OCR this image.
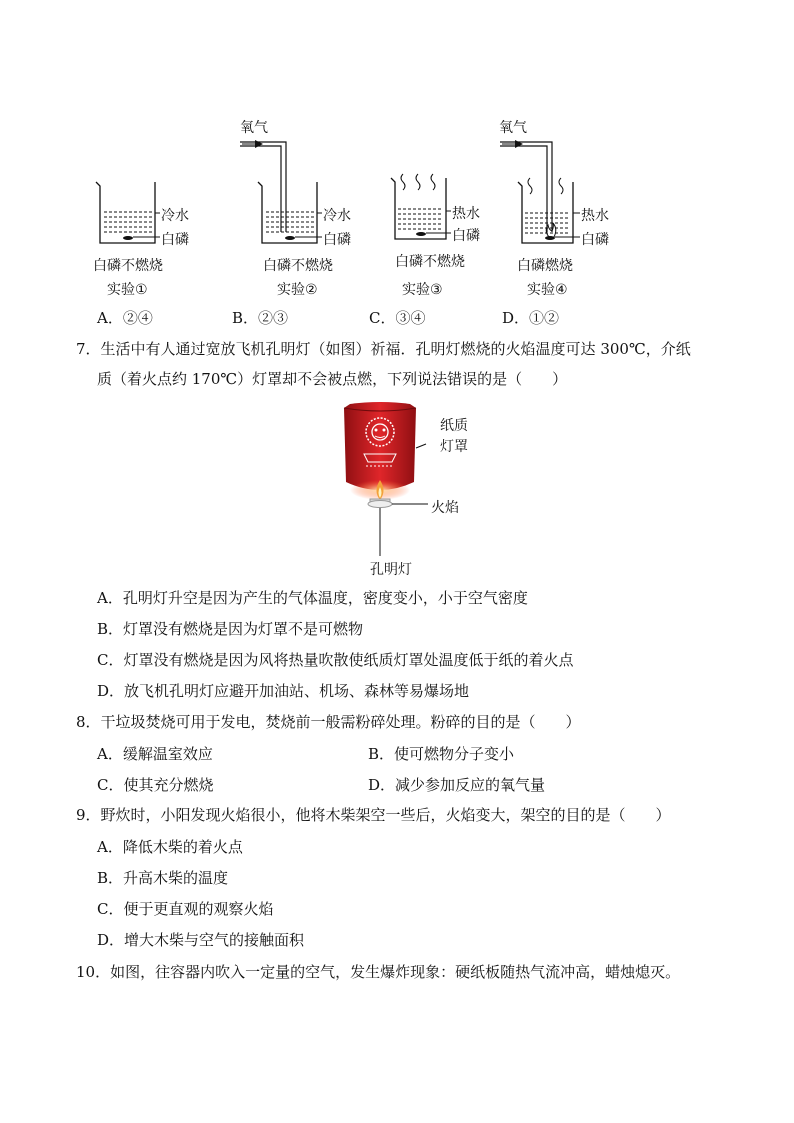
氧气	氧气
冷水
白磷
冷水
白磷
热水
白磷
热水
白磷
白磷不燃烧
实验①
白磷不燃烧
实验②
白磷不燃烧
实验③
白磷燃烧
实验④
A．②④	B．②③	C．③④	D．①②
7．生活中有人通过宽放飞机孔明灯（如图）祈福．孔明灯燃烧的火焰温度可达 300℃，介纸
质（着火点约 170℃）灯罩却不会被点燃，下列说法错误的是（　　）
纸质
灯罩
火焰
孔明灯
A．孔明灯升空是因为产生的气体温度，密度变小，小于空气密度
B．灯罩没有燃烧是因为灯罩不是可燃物
C．灯罩没有燃烧是因为风将热量吹散使纸质灯罩处温度低于纸的着火点
D．放飞机孔明灯应避开加油站、机场、森林等易爆场地
8．干垃圾焚烧可用于发电，焚烧前一般需粉碎处理。粉碎的目的是（　　）
A．缓解温室效应	B．使可燃物分子变小
C．使其充分燃烧	D．减少参加反应的氧气量
9．野炊时，小阳发现火焰很小，他将木柴架空一些后，火焰变大，架空的目的是（　　）
A．降低木柴的着火点
B．升高木柴的温度
C．便于更直观的观察火焰
D．增大木柴与空气的接触面积
10．如图，往容器内吹入一定量的空气，发生爆炸现象：硬纸板随热气流冲高，蜡烛熄灭。
